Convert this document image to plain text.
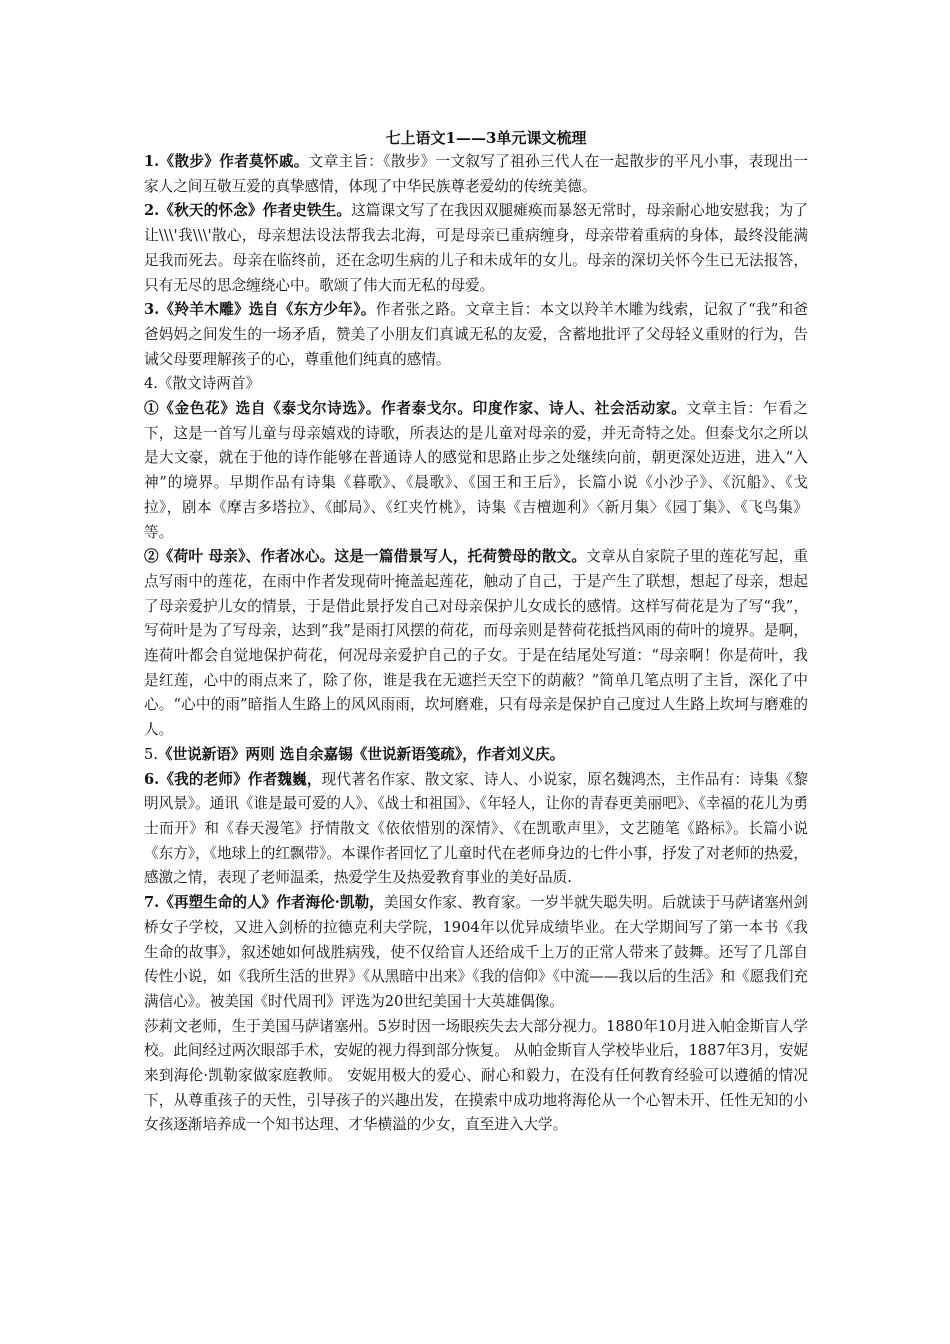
七上语文1——3单元课文梳理

1.《散步》作者莫怀戚。文章主旨：《散步》一文叙写了祖孙三代人在一起散步的平凡小事，表现出一家人之间互敬互爱的真挚感情，体现了中华民族尊老爱幼的传统美德。

2.《秋天的怀念》作者史铁生。这篇课文写了在我因双腿瘫痪而暴怒无常时，母亲耐心地安慰我；为了让\\\'我\\\'散心，母亲想法设法帮我去北海，可是母亲已重病缠身，母亲带着重病的身体，最终没能满足我而死去。母亲在临终前，还在念叨生病的儿子和未成年的女儿。母亲的深切关怀今生已无法报答，只有无尽的思念缠绕心中。歌颂了伟大而无私的母爱。

3.《羚羊木雕》选自《东方少年》。作者张之路。文章主旨：本文以羚羊木雕为线索，记叙了“我”和爸爸妈妈之间发生的一场矛盾，赞美了小朋友们真诚无私的友爱，含蓄地批评了父母轻义重财的行为，告诫父母要理解孩子的心，尊重他们纯真的感情。

4.《散文诗两首》

①《金色花》选自《泰戈尔诗选》。作者泰戈尔。印度作家、诗人、社会活动家。文章主旨：乍看之下，这是一首写儿童与母亲嬉戏的诗歌，所表达的是儿童对母亲的爱，并无奇特之处。但泰戈尔之所以是大文豪，就在于他的诗作能够在普通诗人的感觉和思路止步之处继续向前，朝更深处迈进，进入“入神”的境界。早期作品有诗集《暮歌》、《晨歌》、《国王和王后》，长篇小说《小沙子》、《沉船》、《戈拉》，剧本《摩吉多塔拉》、《邮局》、《红夹竹桃》，诗集《吉檀迦利》〈新月集〉《园丁集》、《飞鸟集》等。

②《荷叶 母亲》、作者冰心。这是一篇借景写人，托荷赞母的散文。文章从自家院子里的莲花写起，重点写雨中的莲花，在雨中作者发现荷叶掩盖起莲花，触动了自己，于是产生了联想，想起了母亲，想起了母亲爱护儿女的情景，于是借此景抒发自己对母亲保护儿女成长的感情。这样写荷花是为了写“我”，写荷叶是为了写母亲，达到“我”是雨打风摆的荷花，而母亲则是替荷花抵挡风雨的荷叶的境界。是啊，连荷叶都会自觉地保护荷花，何况母亲爱护自己的子女。于是在结尾处写道：“母亲啊！你是荷叶，我是红莲，心中的雨点来了，除了你，谁是我在无遮拦天空下的荫蔽？”简单几笔点明了主旨，深化了中心。“心中的雨”暗指人生路上的风风雨雨，坎坷磨难，只有母亲是保护自己度过人生路上坎坷与磨难的人。

5.《世说新语》两则 选自余嘉锡《世说新语笺疏》，作者刘义庆。

6.《我的老师》作者魏巍，现代著名作家、散文家、诗人、小说家，原名魏鸿杰，主作品有：诗集《黎明风景》。通讯《谁是最可爱的人》、《战士和祖国》、《年轻人，让你的青春更美丽吧》、《幸福的花儿为勇士而开》和《春天漫笔》抒情散文《依依惜别的深情》、《在凯歌声里》，文艺随笔《路标》。长篇小说《东方》，《地球上的红飘带》。本课作者回忆了儿童时代在老师身边的七件小事，抒发了对老师的热爱，感激之情，表现了老师温柔，热爱学生及热爱教育事业的美好品质.

7.《再塑生命的人》作者海伦·凯勒，美国女作家、教育家。一岁半就失聪失明。后就读于马萨诸塞州剑桥女子学校，又进入剑桥的拉德克利夫学院，1904年以优异成绩毕业。在大学期间写了第一本书《我生命的故事》，叙述她如何战胜病残，使不仅给盲人还给成千上万的正常人带来了鼓舞。还写了几部自传性小说，如《我所生活的世界》《从黑暗中出来》《我的信仰》《中流——我以后的生活》和《愿我们充满信心》。被美国《时代周刊》评选为20世纪美国十大英雄偶像。

莎莉文老师，生于美国马萨诸塞州。5岁时因一场眼疾失去大部分视力。1880年10月进入帕金斯盲人学校。此间经过两次眼部手术，安妮的视力得到部分恢复。 从帕金斯盲人学校毕业后，1887年3月，安妮来到海伦·凯勒家做家庭教师。 安妮用极大的爱心、耐心和毅力，在没有任何教育经验可以遵循的情况下，从尊重孩子的天性，引导孩子的兴趣出发，在摸索中成功地将海伦从一个心智未开、任性无知的小女孩逐渐培养成一个知书达理、才华横溢的少女，直至进入大学。
